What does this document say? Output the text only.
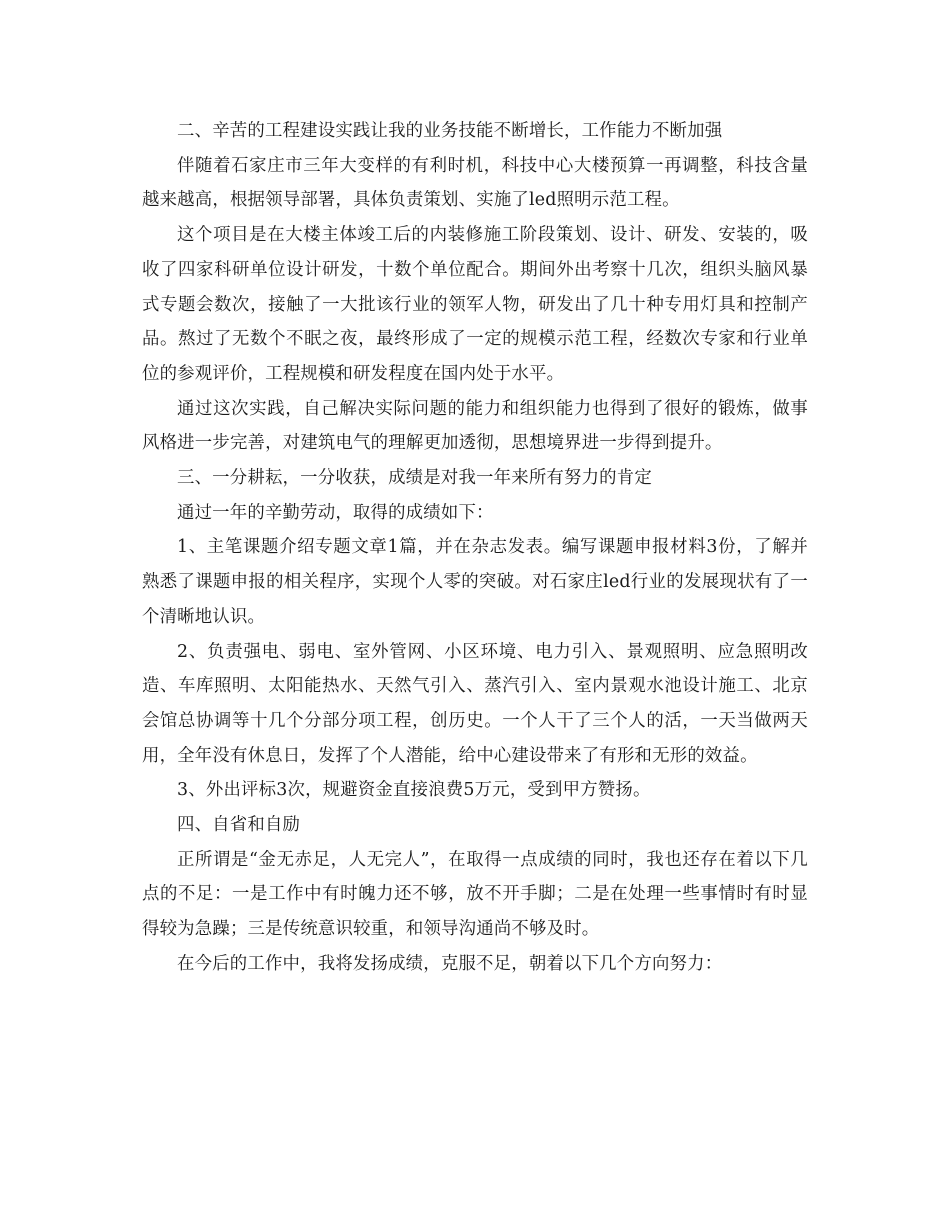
二、辛苦的工程建设实践让我的业务技能不断增长，工作能力不断加强

伴随着石家庄市三年大变样的有利时机，科技中心大楼预算一再调整，科技含量越来越高，根据领导部署，具体负责策划、实施了led照明示范工程。

这个项目是在大楼主体竣工后的内装修施工阶段策划、设计、研发、安装的，吸收了四家科研单位设计研发，十数个单位配合。期间外出考察十几次，组织头脑风暴式专题会数次，接触了一大批该行业的领军人物，研发出了几十种专用灯具和控制产品。熬过了无数个不眠之夜，最终形成了一定的规模示范工程，经数次专家和行业单位的参观评价，工程规模和研发程度在国内处于水平。

通过这次实践，自己解决实际问题的能力和组织能力也得到了很好的锻炼，做事风格进一步完善，对建筑电气的理解更加透彻，思想境界进一步得到提升。

三、一分耕耘，一分收获，成绩是对我一年来所有努力的肯定

通过一年的辛勤劳动，取得的成绩如下：

1、主笔课题介绍专题文章1篇，并在杂志发表。编写课题申报材料3份，了解并熟悉了课题申报的相关程序，实现个人零的突破。对石家庄led行业的发展现状有了一个清晰地认识。

2、负责强电、弱电、室外管网、小区环境、电力引入、景观照明、应急照明改造、车库照明、太阳能热水、天然气引入、蒸汽引入、室内景观水池设计施工、北京会馆总协调等十几个分部分项工程，创历史。一个人干了三个人的活，一天当做两天用，全年没有休息日，发挥了个人潜能，给中心建设带来了有形和无形的效益。

3、外出评标3次，规避资金直接浪费5万元，受到甲方赞扬。

四、自省和自励

正所谓是“金无赤足，人无完人”，在取得一点成绩的同时，我也还存在着以下几点的不足：一是工作中有时魄力还不够，放不开手脚；二是在处理一些事情时有时显得较为急躁；三是传统意识较重，和领导沟通尚不够及时。

在今后的工作中，我将发扬成绩，克服不足，朝着以下几个方向努力：
